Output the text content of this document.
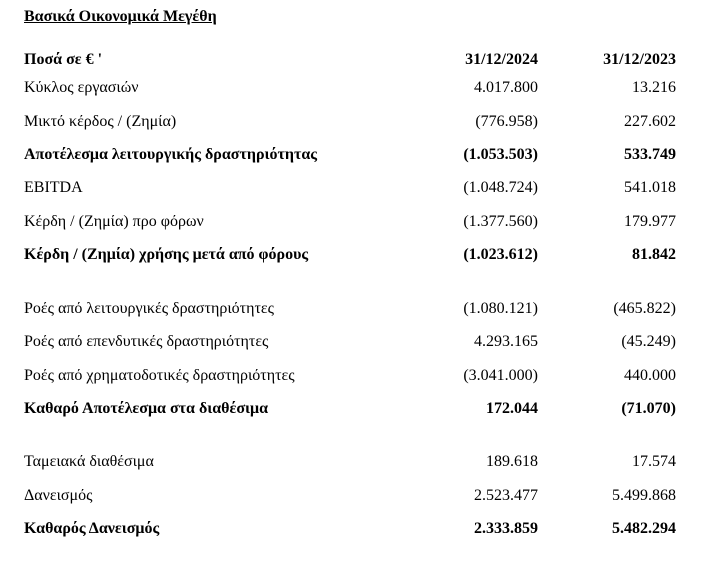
Βασικά Οικονομικά Μεγέθη
Ποσά σε € '	31/12/2024	31/12/2023
Κύκλος εργασιών	4.017.800	13.216
Μικτό κέρδος / (Ζημία)	(776.958)	227.602
Αποτέλεσμα λειτουργικής δραστηριότητας	(1.053.503)	533.749
EBITDA	(1.048.724)	541.018
Κέρδη / (Ζημία) προ φόρων	(1.377.560)	179.977
Κέρδη / (Ζημία) χρήσης μετά από φόρους	(1.023.612)	81.842
Ροές από λειτουργικές δραστηριότητες	(1.080.121)	(465.822)
Ροές από επενδυτικές δραστηριότητες	4.293.165	(45.249)
Ροές από χρηματοδοτικές δραστηριότητες	(3.041.000)	440.000
Καθαρό Αποτέλεσμα στα διαθέσιμα	172.044	(71.070)
Ταμειακά διαθέσιμα	189.618	17.574
Δανεισμός	2.523.477	5.499.868
Καθαρός Δανεισμός	2.333.859	5.482.294
